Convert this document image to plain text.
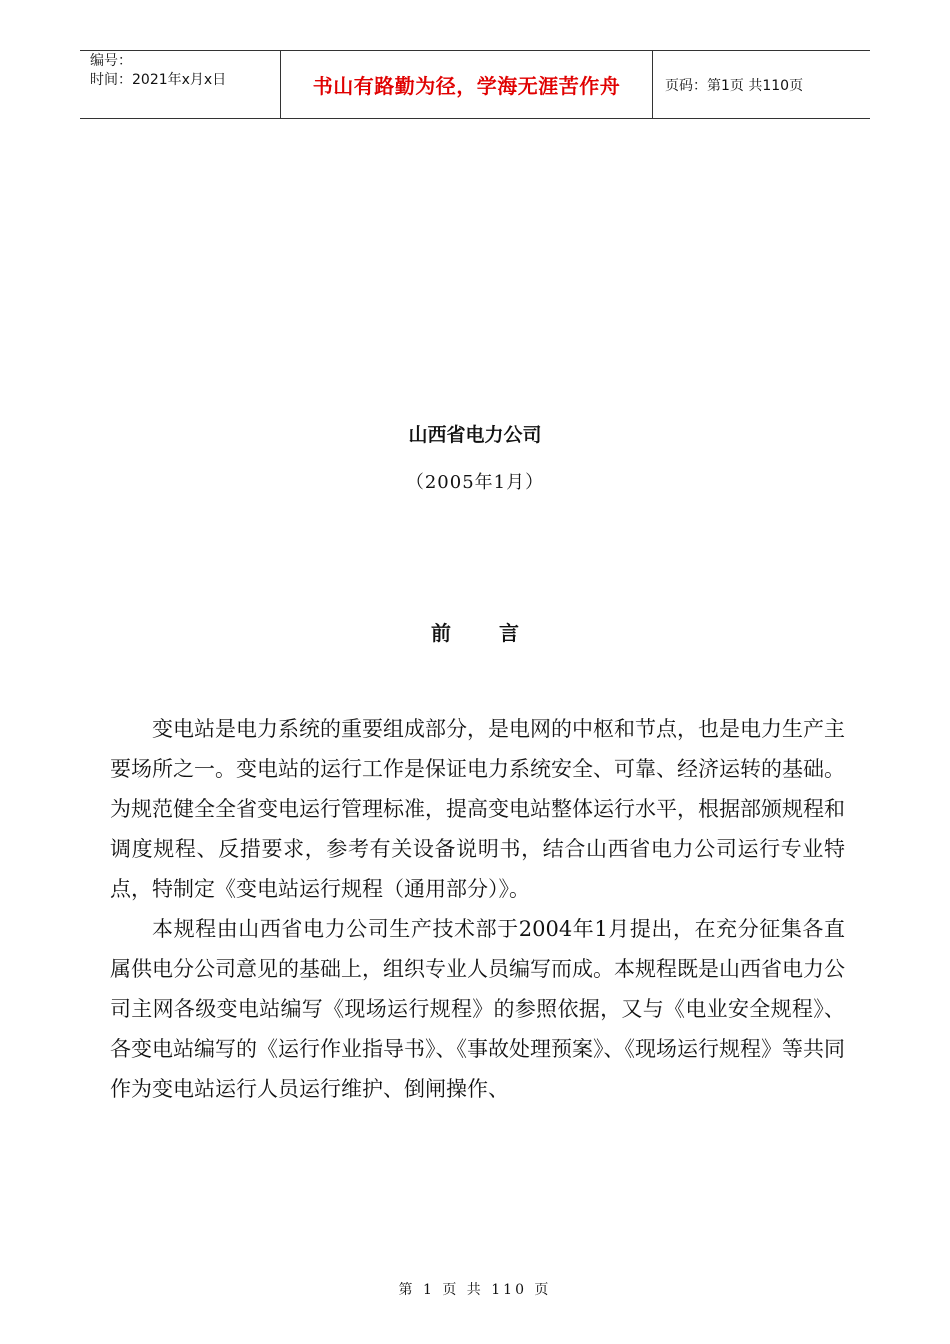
编号：
时间：2021年x月x日	书山有路勤为径，学海无涯苦作舟	页码：第1页 共110页
山西省电力公司
（2005年1月）
前言

变电站是电力系统的重要组成部分，是电网的中枢和节点，也是电力生产主要场所之一。变电站的运行工作是保证电力系统安全、可靠、经济运转的基础。为规范健全全省变电运行管理标准，提高变电站整体运行水平，根据部颁规程和调度规程、反措要求，参考有关设备说明书，结合山西省电力公司运行专业特点，特制定《变电站运行规程（通用部分）》。

本规程由山西省电力公司生产技术部于2004年1月提出，在充分征集各直属供电分公司意见的基础上，组织专业人员编写而成。本规程既是山西省电力公司主网各级变电站编写《现场运行规程》的参照依据，又与《电业安全规程》、各变电站编写的《运行作业指导书》、《事故处理预案》、《现场运行规程》等共同作为变电站运行人员运行维护、倒闸操作、

第 1 页 共 110 页
